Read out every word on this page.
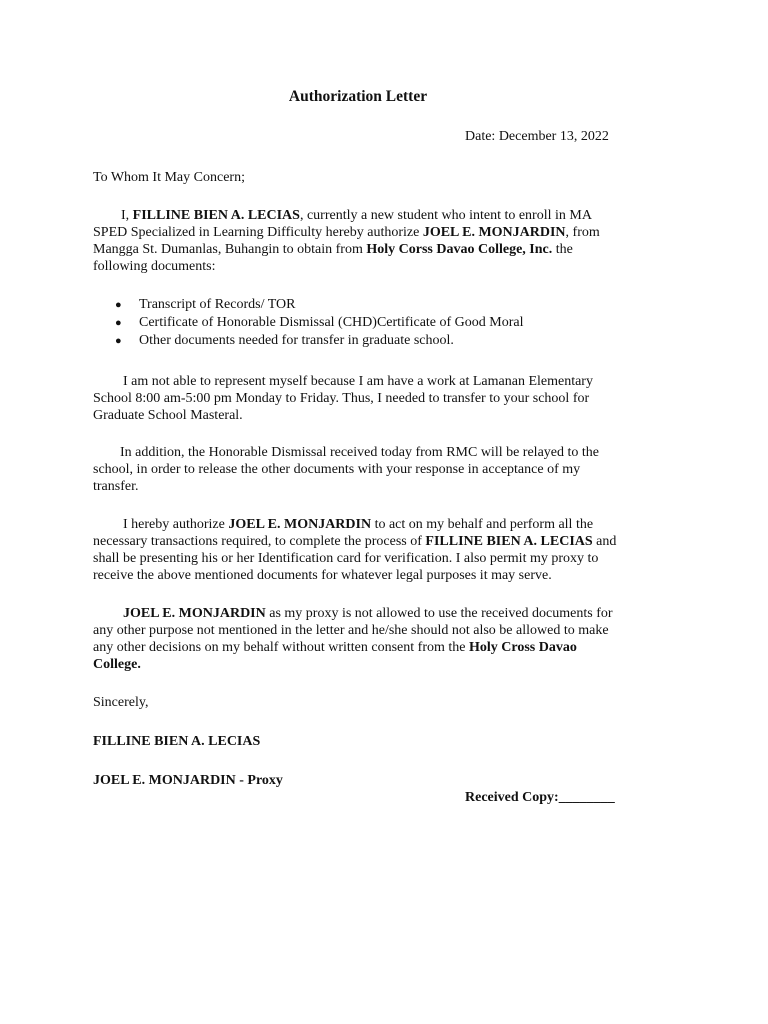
Authorization Letter
Date: December 13, 2022
To Whom It May Concern;
I, FILLINE BIEN A. LECIAS, currently a new student who intent to enroll in MA
SPED Specialized in Learning Difficulty hereby authorize JOEL E. MONJARDIN, from
Mangga St. Dumanlas, Buhangin to obtain from Holy Corss Davao College, Inc. the
following documents:
● Transcript of Records/ TOR
● Certificate of Honorable Dismissal (CHD)Certificate of Good Moral
● Other documents needed for transfer in graduate school.
I am not able to represent myself because I am have a work at Lamanan Elementary
School 8:00 am-5:00 pm Monday to Friday. Thus, I needed to transfer to your school for
Graduate School Masteral.
In addition, the Honorable Dismissal received today from RMC will be relayed to the
school, in order to release the other documents with your response in acceptance of my
transfer.
I hereby authorize JOEL E. MONJARDIN to act on my behalf and perform all the
necessary transactions required, to complete the process of FILLINE BIEN A. LECIAS and
shall be presenting his or her Identification card for verification. I also permit my proxy to
receive the above mentioned documents for whatever legal purposes it may serve.
JOEL E. MONJARDIN as my proxy is not allowed to use the received documents for
any other purpose not mentioned in the letter and he/she should not also be allowed to make
any other decisions on my behalf without written consent from the Holy Cross Davao
College.
Sincerely,
FILLINE BIEN A. LECIAS
JOEL E. MONJARDIN - Proxy
Received Copy:________
